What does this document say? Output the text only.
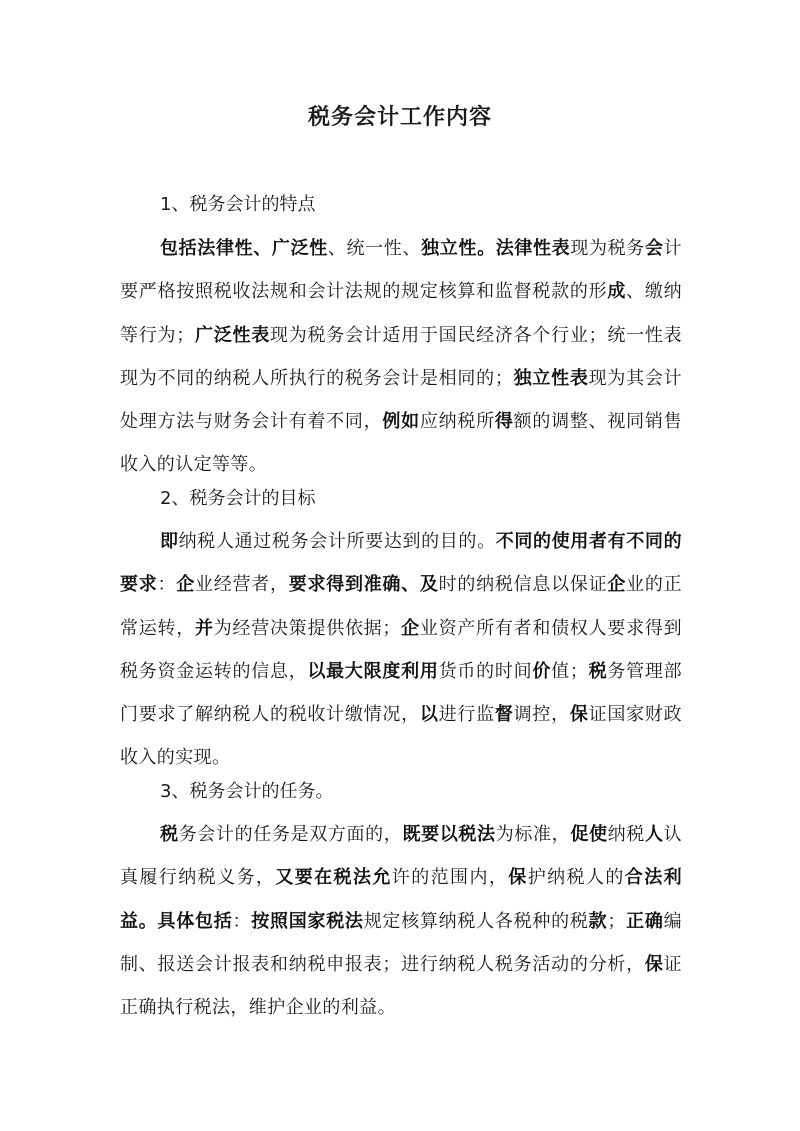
税务会计工作内容
1、税务会计的特点
包括法律性、广泛性、统一性、独立性。法律性表现为税务会计要严格按照税收法规和会计法规的规定核算和监督税款的形成、缴纳等行为；广泛性表现为税务会计适用于国民经济各个行业；统一性表现为不同的纳税人所执行的税务会计是相同的；独立性表现为其会计处理方法与财务会计有着不同，例如应纳税所得额的调整、视同销售收入的认定等等。
2、税务会计的目标
即纳税人通过税务会计所要达到的目的。不同的使用者有不同的要求：企业经营者，要求得到准确、及时的纳税信息以保证企业的正常运转，并为经营决策提供依据；企业资产所有者和债权人要求得到税务资金运转的信息，以最大限度利用货币的时间价值；税务管理部门要求了解纳税人的税收计缴情况，以进行监督调控，保证国家财政收入的实现。
3、税务会计的任务。
税务会计的任务是双方面的，既要以税法为标准，促使纳税人认真履行纳税义务，又要在税法允许的范围内，保护纳税人的合法利益。具体包括：按照国家税法规定核算纳税人各税种的税款；正确编制、报送会计报表和纳税申报表；进行纳税人税务活动的分析，保证正确执行税法，维护企业的利益。
